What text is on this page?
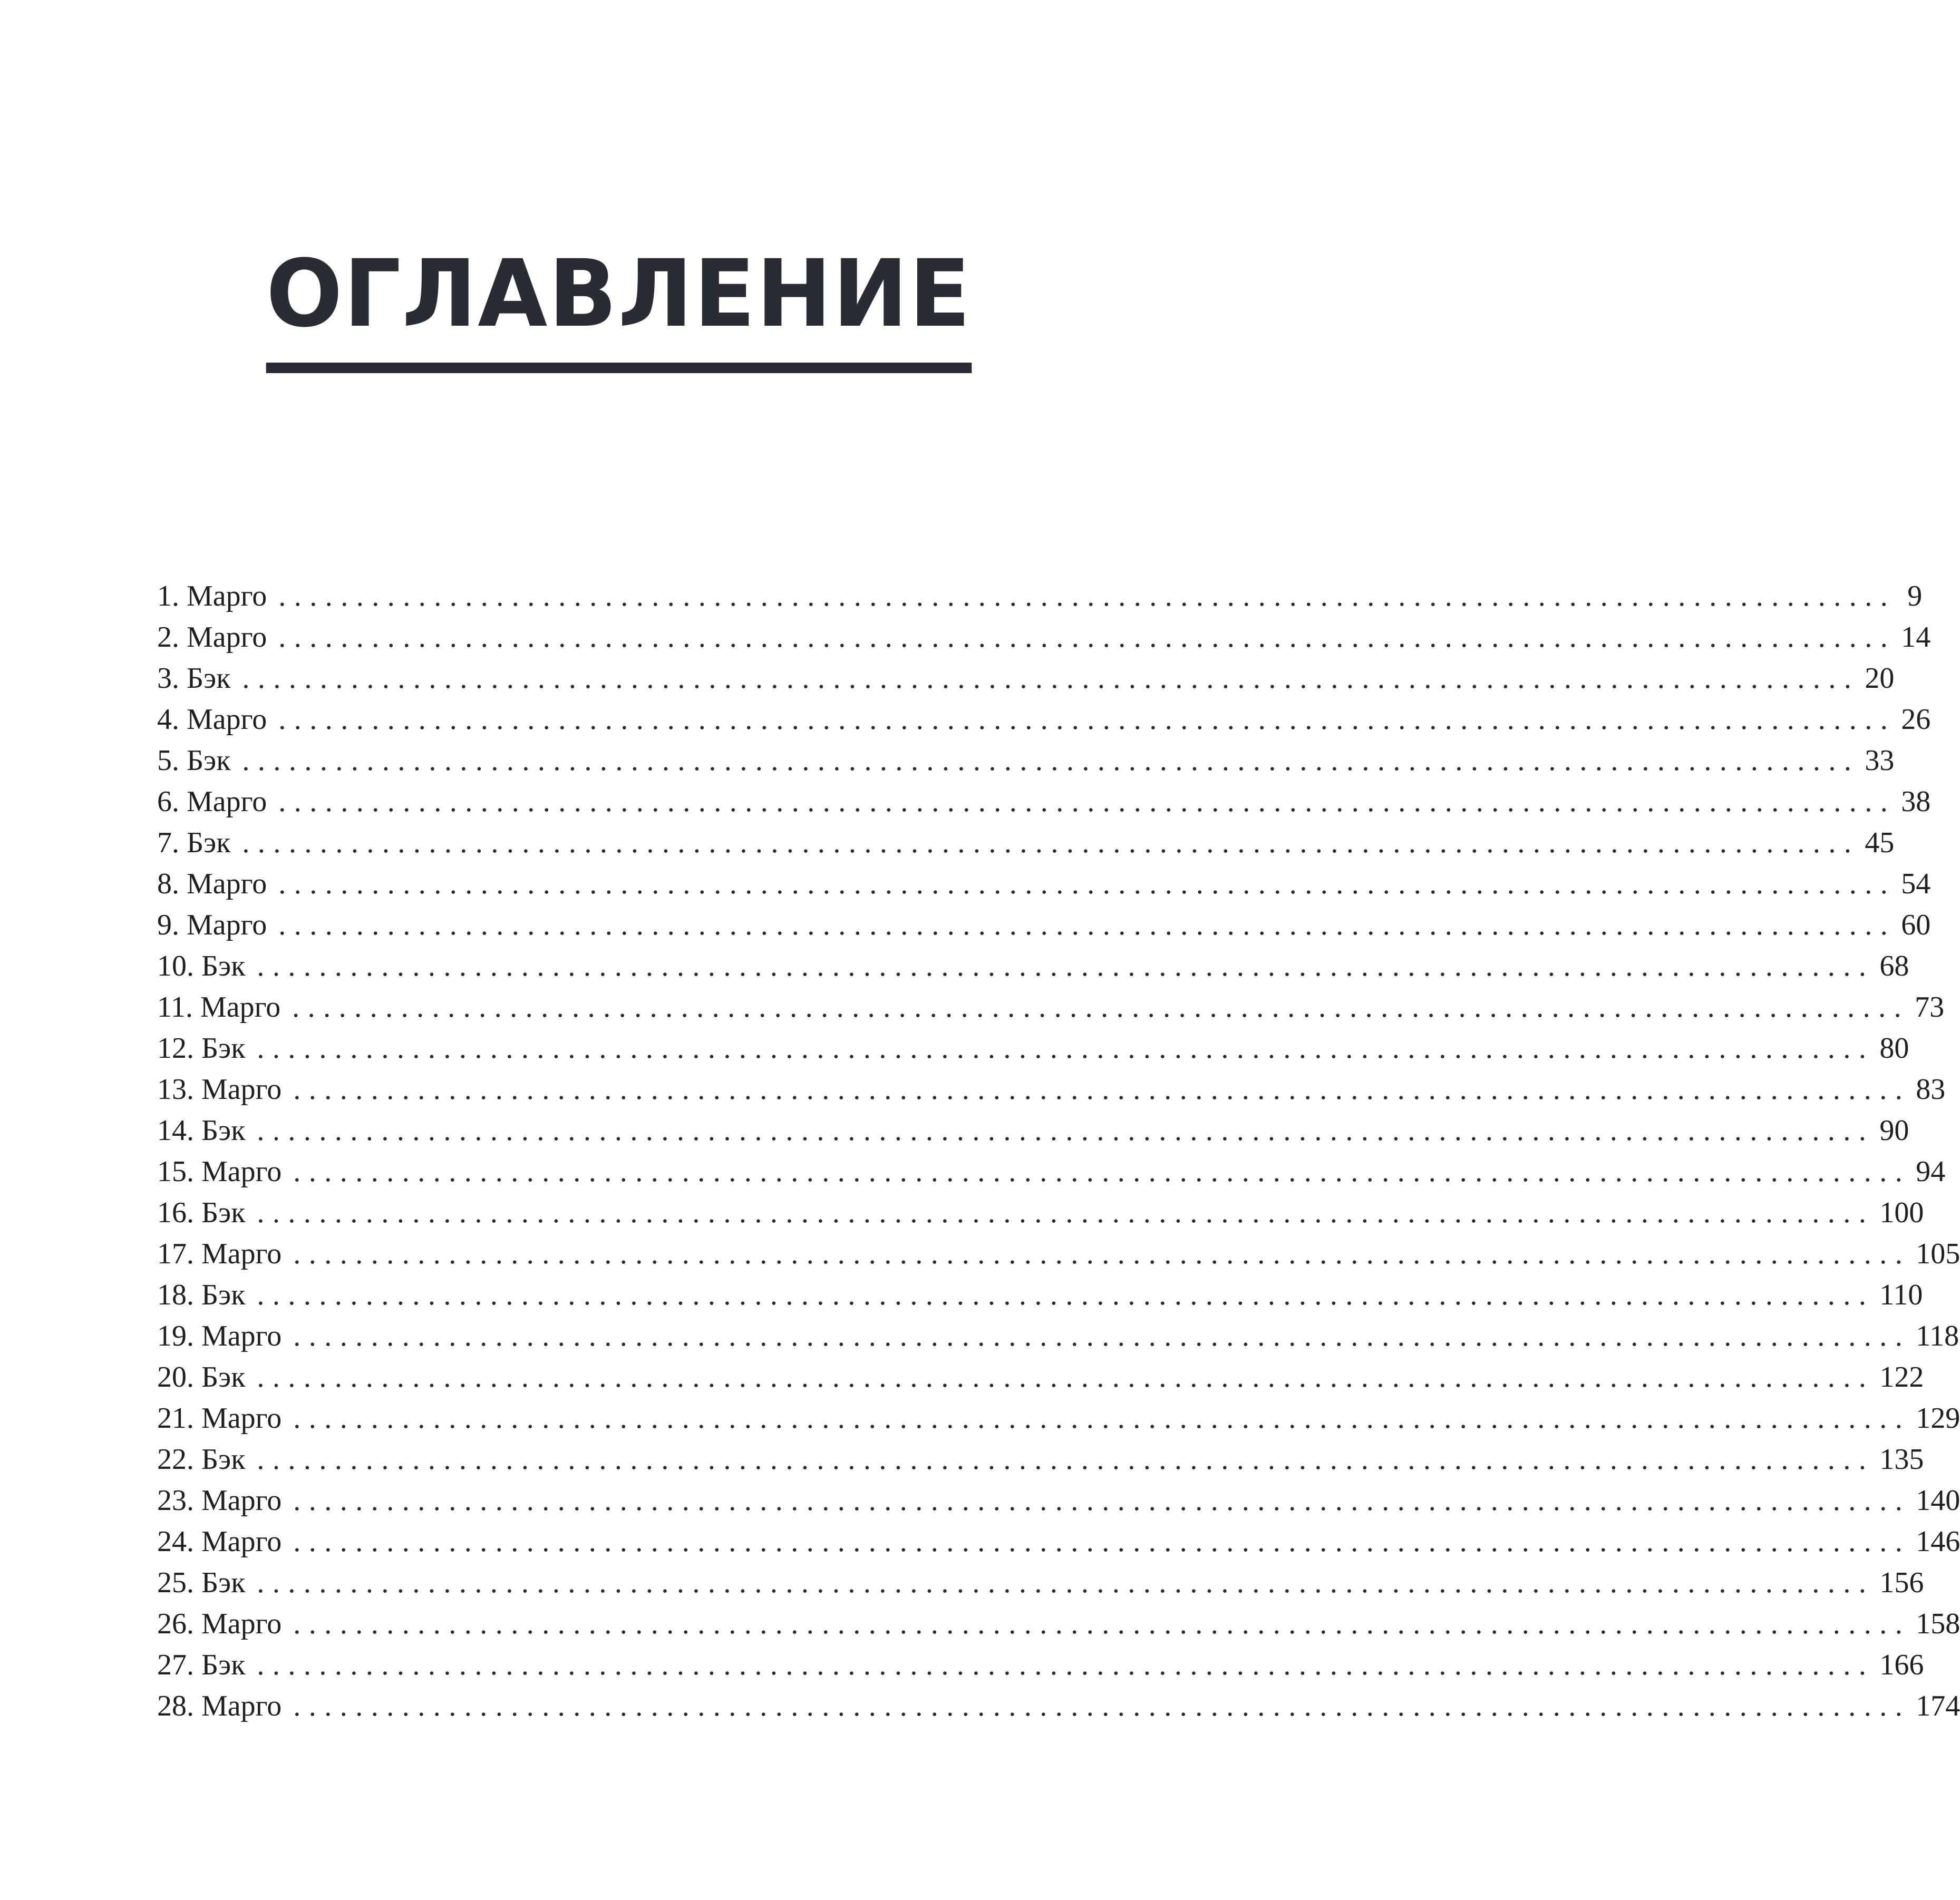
ОГЛАВЛЕНИЕ
1. Марго ........................................................................................................ 9
2. Марго ........................................................................................................ 14
3. Бэк ........................................................................................................ 20
4. Марго ........................................................................................................ 26
5. Бэк ........................................................................................................ 33
6. Марго ........................................................................................................ 38
7. Бэк ........................................................................................................ 45
8. Марго ........................................................................................................ 54
9. Марго ........................................................................................................ 60
10. Бэк ........................................................................................................ 68
11. Марго ........................................................................................................ 73
12. Бэк ........................................................................................................ 80
13. Марго ........................................................................................................ 83
14. Бэк ........................................................................................................ 90
15. Марго ........................................................................................................ 94
16. Бэк ........................................................................................................ 100
17. Марго ........................................................................................................ 105
18. Бэк ........................................................................................................ 110
19. Марго ........................................................................................................ 118
20. Бэк ........................................................................................................ 122
21. Марго ........................................................................................................ 129
22. Бэк ........................................................................................................ 135
23. Марго ........................................................................................................ 140
24. Марго ........................................................................................................ 146
25. Бэк ........................................................................................................ 156
26. Марго ........................................................................................................ 158
27. Бэк ........................................................................................................ 166
28. Марго ........................................................................................................ 174
